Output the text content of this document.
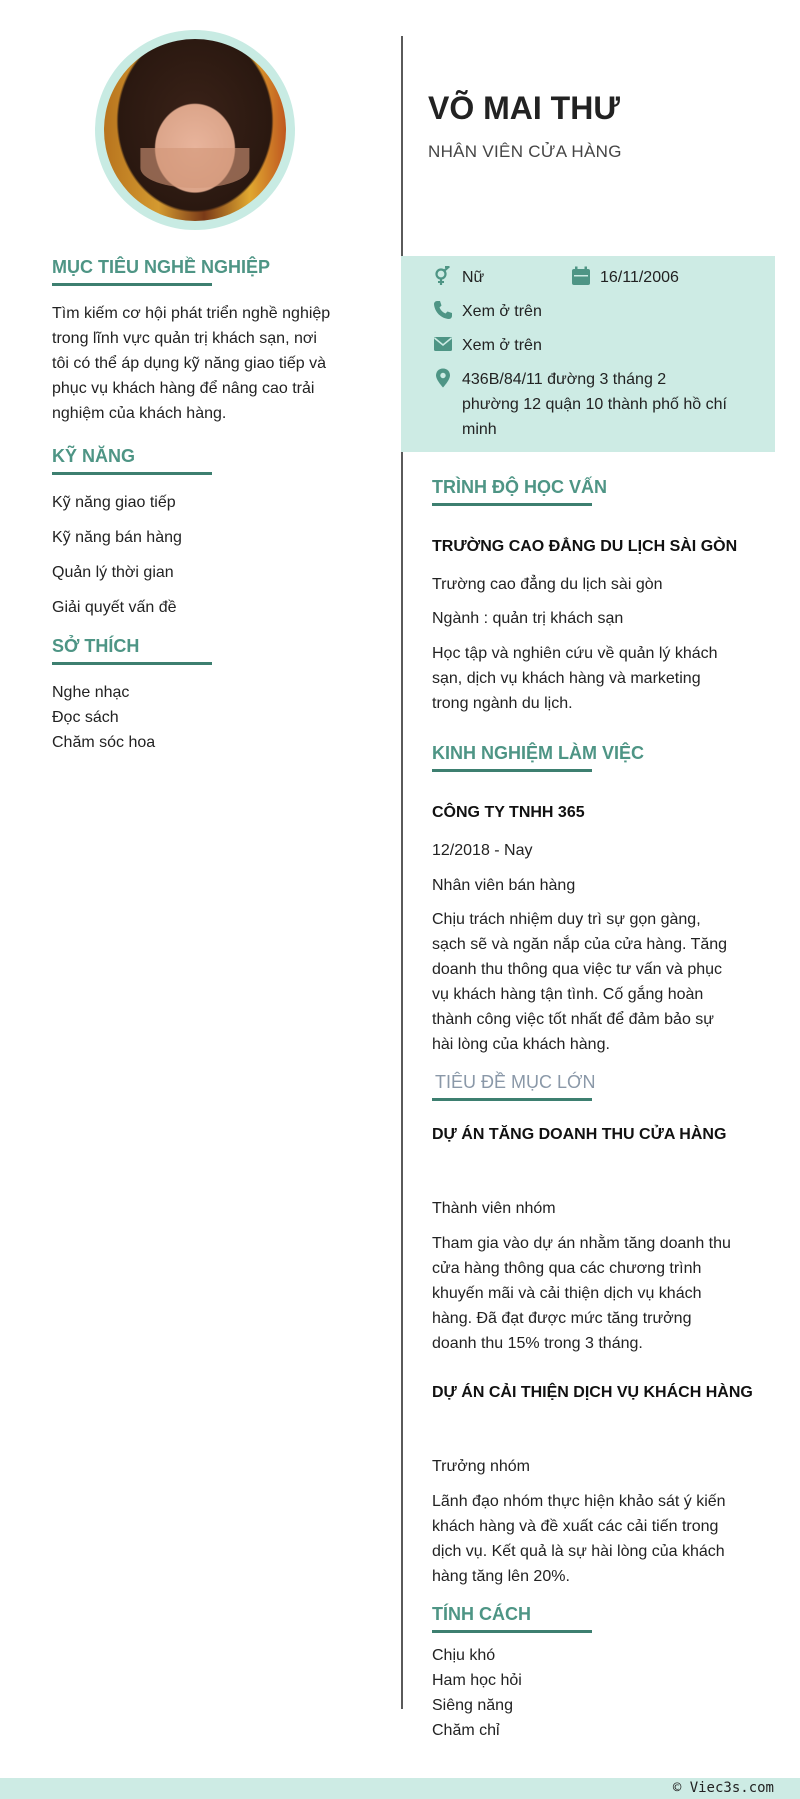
MỤC TIÊU NGHỀ NGHIỆP
Tìm kiếm cơ hội phát triển nghề nghiệp
trong lĩnh vực quản trị khách sạn, nơi
tôi có thể áp dụng kỹ năng giao tiếp và
phục vụ khách hàng để nâng cao trải
nghiệm của khách hàng.
KỸ NĂNG
Kỹ năng giao tiếp
Kỹ năng bán hàng
Quản lý thời gian
Giải quyết vấn đề
SỞ THÍCH
Nghe nhạc
Đọc sách
Chăm sóc hoa
VÕ MAI THƯ
NHÂN VIÊN CỬA HÀNG
Nữ	16/11/2006
Xem ở trên
Xem ở trên
436B/84/11 đường 3 tháng 2
phường 12 quận 10 thành phố hồ chí
minh
TRÌNH ĐỘ HỌC VẤN
TRƯỜNG CAO ĐẲNG DU LỊCH SÀI GÒN
Trường cao đẳng du lịch sài gòn
Ngành : quản trị khách sạn
Học tập và nghiên cứu về quản lý khách
sạn, dịch vụ khách hàng và marketing
trong ngành du lịch.
KINH NGHIỆM LÀM VIỆC
CÔNG TY TNHH 365
12/2018 - Nay
Nhân viên bán hàng
Chịu trách nhiệm duy trì sự gọn gàng,
sạch sẽ và ngăn nắp của cửa hàng. Tăng
doanh thu thông qua việc tư vấn và phục
vụ khách hàng tận tình. Cố gắng hoàn
thành công việc tốt nhất để đảm bảo sự
hài lòng của khách hàng.
TIÊU ĐỀ MỤC LỚN
DỰ ÁN TĂNG DOANH THU CỬA HÀNG
Thành viên nhóm
Tham gia vào dự án nhằm tăng doanh thu
cửa hàng thông qua các chương trình
khuyến mãi và cải thiện dịch vụ khách
hàng. Đã đạt được mức tăng trưởng
doanh thu 15% trong 3 tháng.
DỰ ÁN CẢI THIỆN DỊCH VỤ KHÁCH HÀNG
Trưởng nhóm
Lãnh đạo nhóm thực hiện khảo sát ý kiến
khách hàng và đề xuất các cải tiến trong
dịch vụ. Kết quả là sự hài lòng của khách
hàng tăng lên 20%.
TÍNH CÁCH
Chịu khó
Ham học hỏi
Siêng năng
Chăm chỉ
© Viec3s.com
